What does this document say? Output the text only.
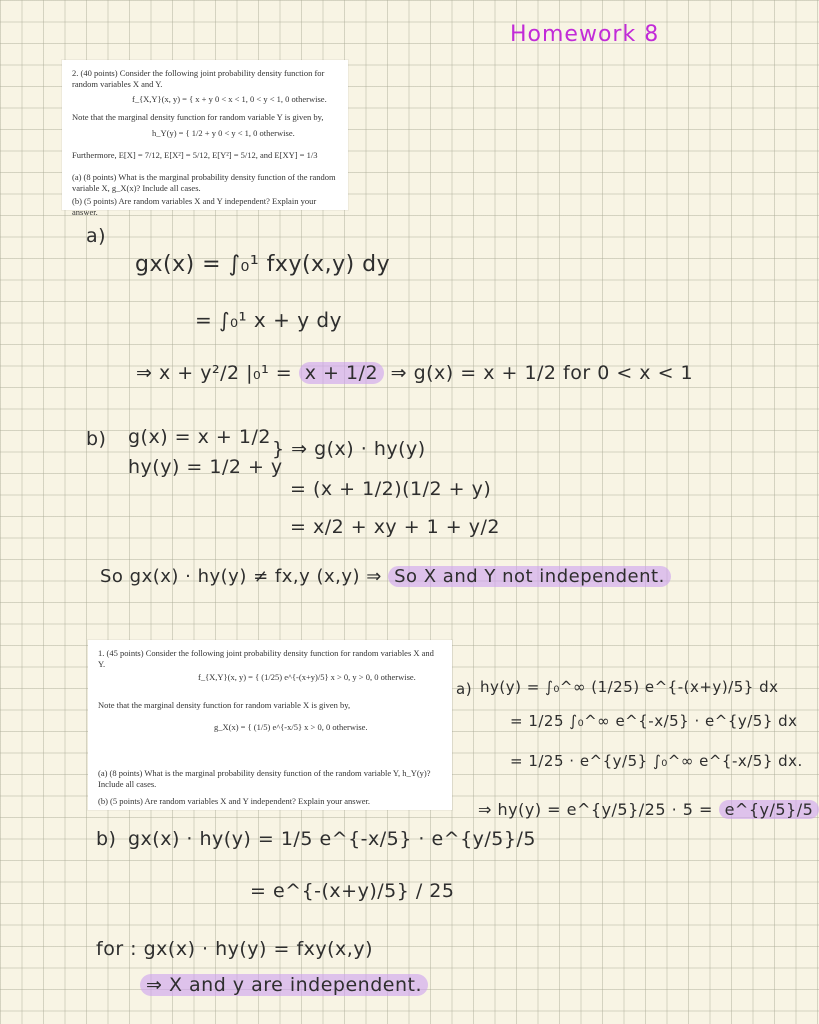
Homework 8

2. (40 points) Consider the following joint probability density function for random variables X and Y.

f_{X,Y}(x, y) = { x + y 0 < x < 1, 0 < y < 1, 0 otherwise.

Note that the marginal density function for random variable Y is given by,

h_Y(y) = { 1/2 + y 0 < y < 1, 0 otherwise.

Furthermore, E[X] = 7/12, E[X²] = 5/12, E[Y²] = 5/12, and E[XY] = 1/3

(a) (8 points) What is the marginal probability density function of the random variable X, g_X(x)? Include all cases.

(b) (5 points) Are random variables X and Y independent? Explain your answer.

a)
gx(x) = ∫₀¹ fxy(x,y) dy
= ∫₀¹ x + y dy
⇒ x + y²/2 |₀¹ = x + 1/2 ⇒ g(x) = x + 1/2 for 0 < x < 1
b) g(x) = x + 1/2
hy(y) = 1/2 + y
} ⇒ g(x) · hy(y)
= (x + 1/2)(1/2 + y)
= x/2 + xy + 1 + y/2
So gx(x) · hy(y) ≠ fx,y (x,y) ⇒ So X and Y not independent.

1. (45 points) Consider the following joint probability density function for random variables X and Y.

f_{X,Y}(x, y) = { (1/25) e^{-(x+y)/5} x > 0, y > 0, 0 otherwise.

Note that the marginal density function for random variable X is given by,

g_X(x) = { (1/5) e^{-x/5} x > 0, 0 otherwise.

(a) (8 points) What is the marginal probability density function of the random variable Y, h_Y(y)? Include all cases.

(b) (5 points) Are random variables X and Y independent? Explain your answer.

a) hy(y) = ∫₀^∞ (1/25) e^{-(x+y)/5} dx
= 1/25 ∫₀^∞ e^{-x/5} · e^{y/5} dx
= 1/25 · e^{y/5} ∫₀^∞ e^{-x/5} dx.
⇒ hy(y) = e^{y/5}/25 · 5 = e^{y/5}/5
b) gx(x) · hy(y) = 1/5 e^{-x/5} · e^{y/5}/5
= e^{-(x+y)/5} / 25
for : gx(x) · hy(y) = fxy(x,y)
⇒ X and y are independent.
